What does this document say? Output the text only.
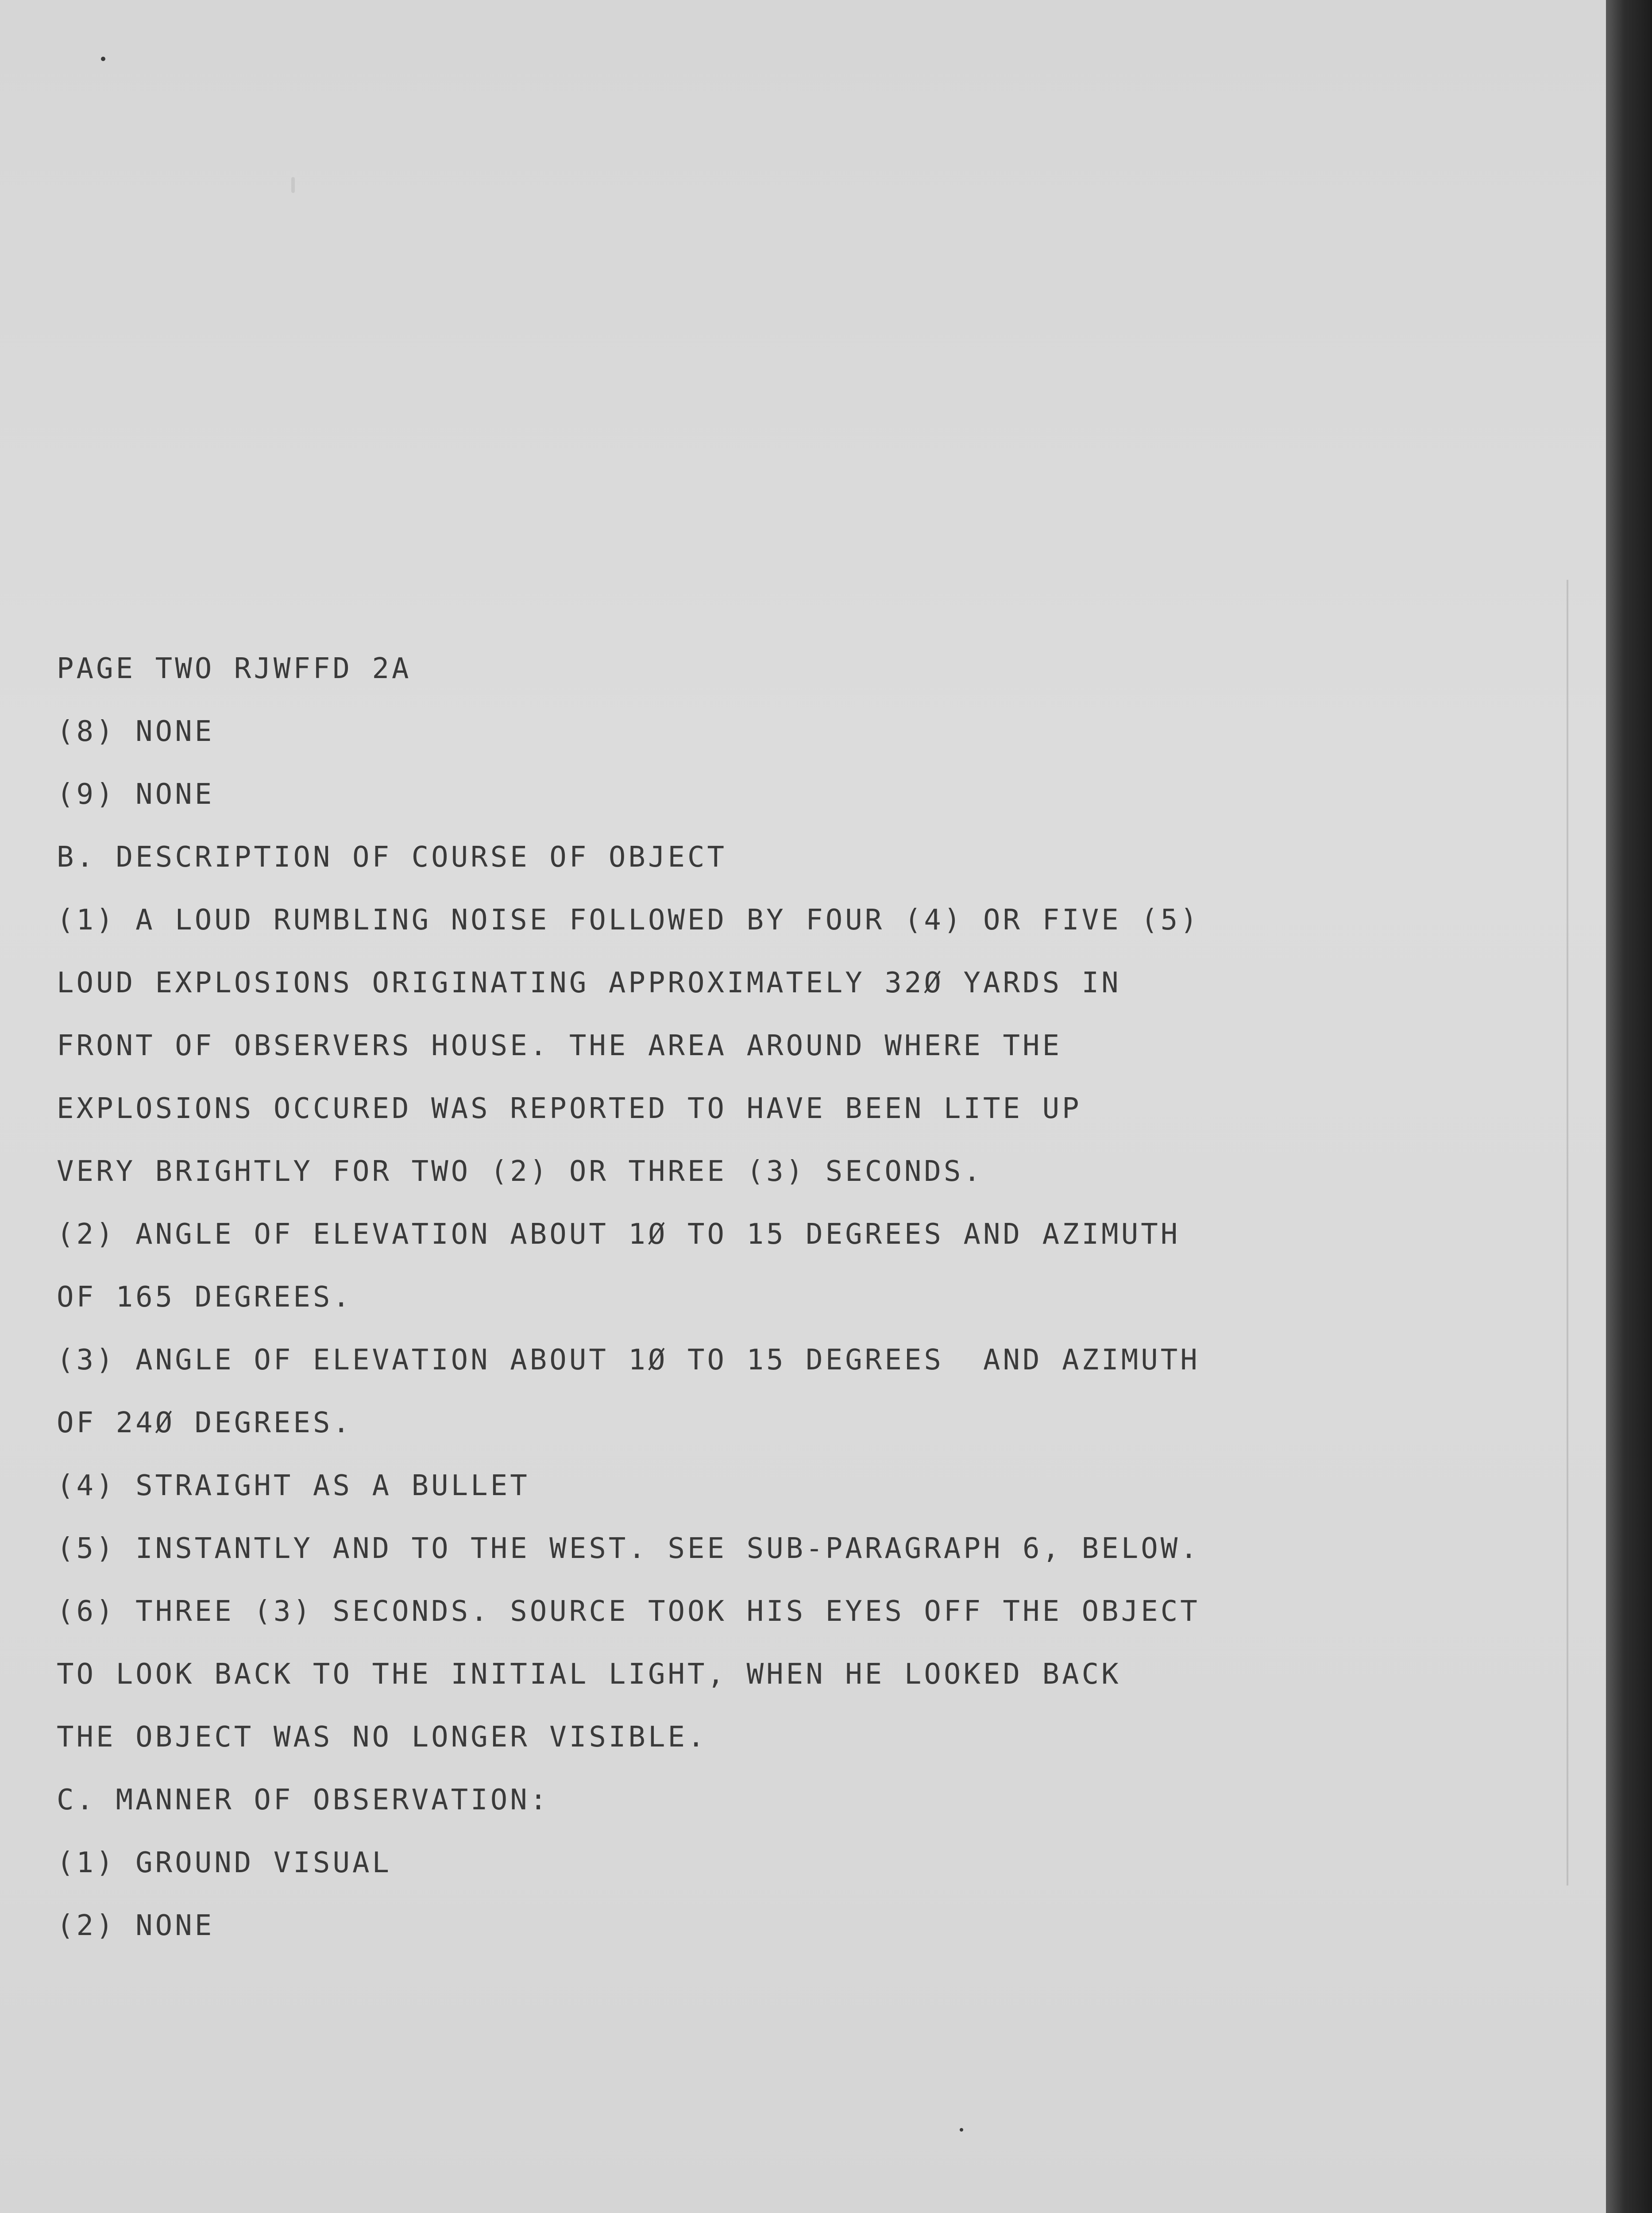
PAGE TWO RJWFFD 2A
(8) NONE
(9) NONE
B. DESCRIPTION OF COURSE OF OBJECT
(1) A LOUD RUMBLING NOISE FOLLOWED BY FOUR (4) OR FIVE (5)
LOUD EXPLOSIONS ORIGINATING APPROXIMATELY 32Ø YARDS IN
FRONT OF OBSERVERS HOUSE. THE AREA AROUND WHERE THE
EXPLOSIONS OCCURED WAS REPORTED TO HAVE BEEN LITE UP
VERY BRIGHTLY FOR TWO (2) OR THREE (3) SECONDS.
(2) ANGLE OF ELEVATION ABOUT 1Ø TO 15 DEGREES AND AZIMUTH
OF 165 DEGREES.
(3) ANGLE OF ELEVATION ABOUT 1Ø TO 15 DEGREES  AND AZIMUTH
OF 24Ø DEGREES.
(4) STRAIGHT AS A BULLET
(5) INSTANTLY AND TO THE WEST. SEE SUB-PARAGRAPH 6, BELOW.
(6) THREE (3) SECONDS. SOURCE TOOK HIS EYES OFF THE OBJECT
TO LOOK BACK TO THE INITIAL LIGHT, WHEN HE LOOKED BACK
THE OBJECT WAS NO LONGER VISIBLE.
C. MANNER OF OBSERVATION:
(1) GROUND VISUAL
(2) NONE
